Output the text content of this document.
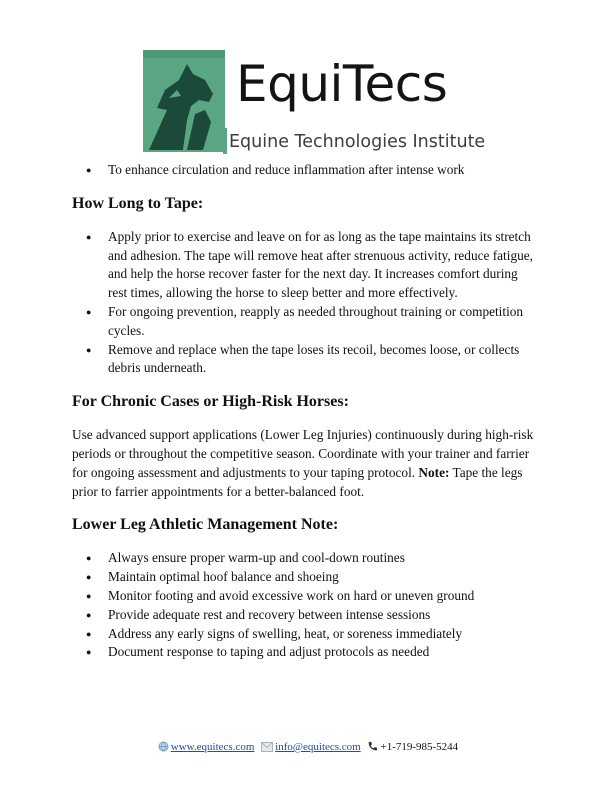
EquiTecs
Equine Technologies Institute
● To enhance circulation and reduce inflammation after intense work
How Long to Tape:
● Apply prior to exercise and leave on for as long as the tape maintains its stretch and adhesion. The tape will remove heat after strenuous activity, reduce fatigue, and help the horse recover faster for the next day. It increases comfort during rest times, allowing the horse to sleep better and more effectively.
● For ongoing prevention, reapply as needed throughout training or competition cycles.
● Remove and replace when the tape loses its recoil, becomes loose, or collects debris underneath.
For Chronic Cases or High-Risk Horses:

Use advanced support applications (Lower Leg Injuries) continuously during high-risk periods or throughout the competitive season. Coordinate with your trainer and farrier for ongoing assessment and adjustments to your taping protocol. Note: Tape the legs prior to farrier appointments for a better-balanced foot.

Lower Leg Athletic Management Note:
● Always ensure proper warm-up and cool-down routines
● Maintain optimal hoof balance and shoeing
● Monitor footing and avoid excessive work on hard or uneven ground
● Provide adequate rest and recovery between intense sessions
● Address any early signs of swelling, heat, or soreness immediately
● Document response to taping and adjust protocols as needed
www.equitecs.com info@equitecs.com +1-719-985-5244
